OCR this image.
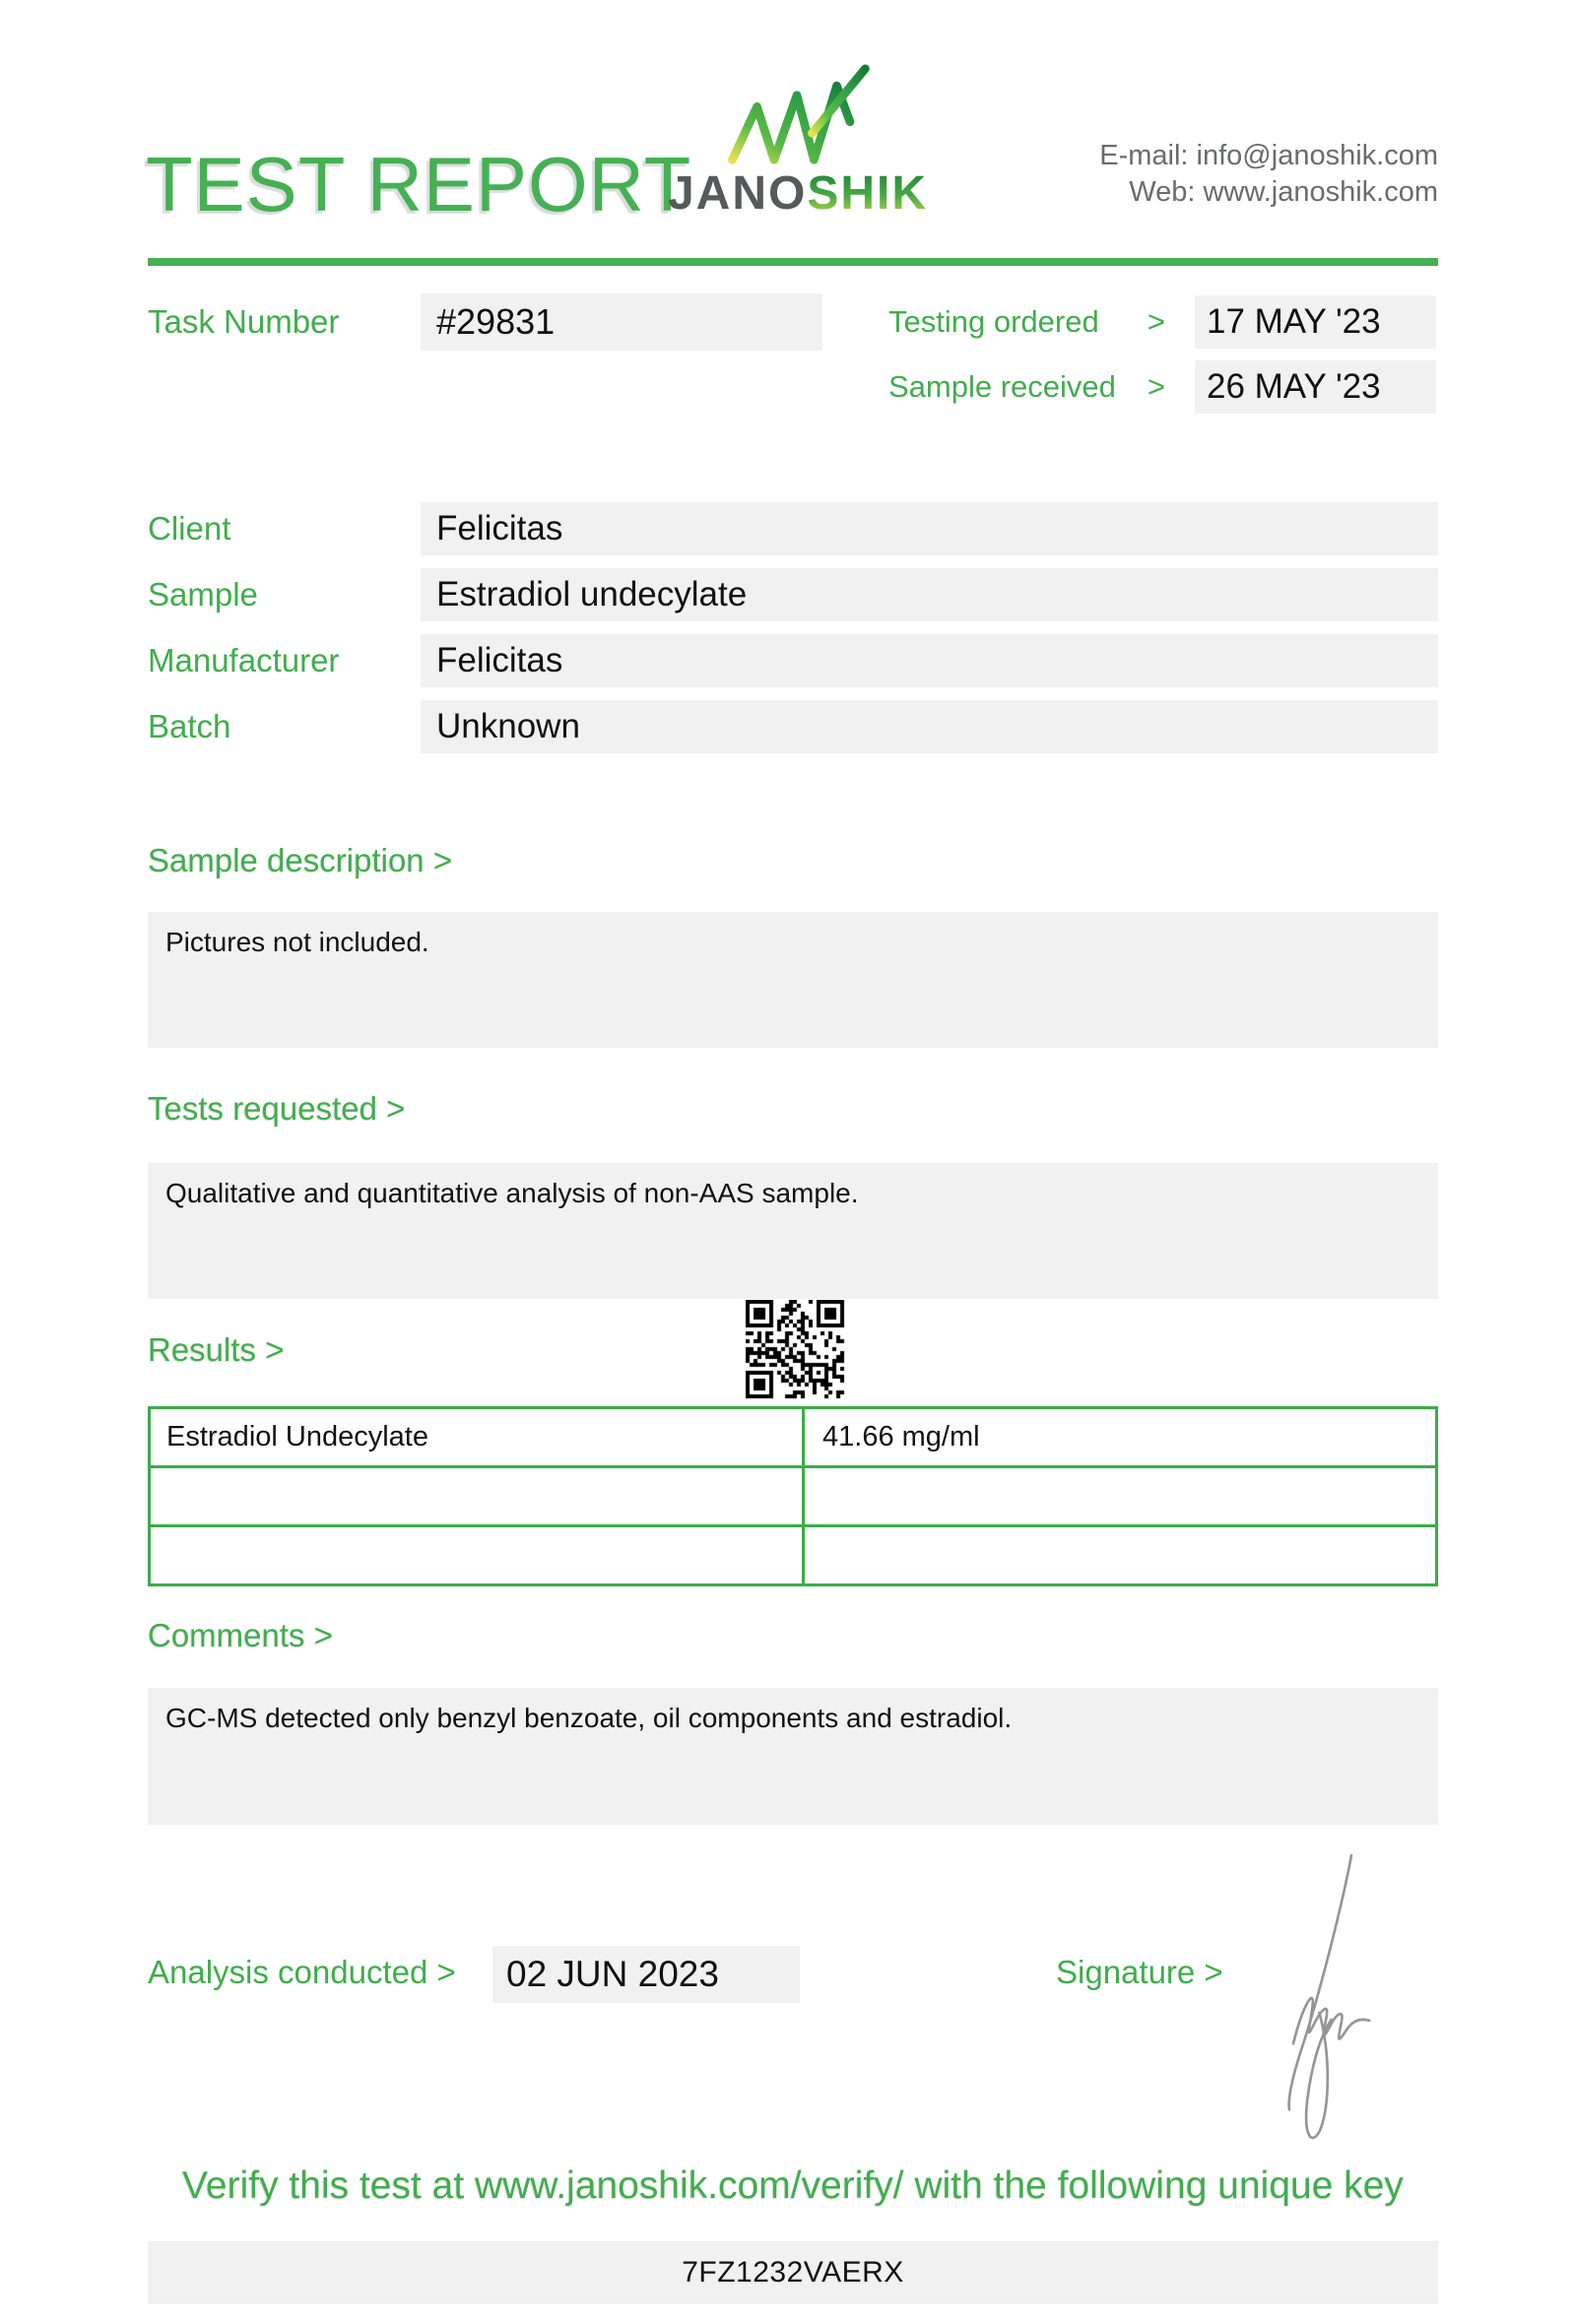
TEST REPORT
JANOSHIK
E-mail: info@janoshik.com
Web: www.janoshik.com
Task Number	#29831	Testing ordered >	17 MAY '23
Sample received >	26 MAY '23
Client	Felicitas
Sample	Estradiol undecylate
Manufacturer	Felicitas
Batch	Unknown
Sample description >
Pictures not included.
Tests requested >
Qualitative and quantitative analysis of non-AAS sample.
Results >
Estradiol Undecylate	41.66 mg/ml

Comments >
GC-MS detected only benzyl benzoate, oil components and estradiol.
Analysis conducted >	02 JUN 2023	Signature >
Verify this test at www.janoshik.com/verify/ with the following unique key
7FZ1232VAERX
